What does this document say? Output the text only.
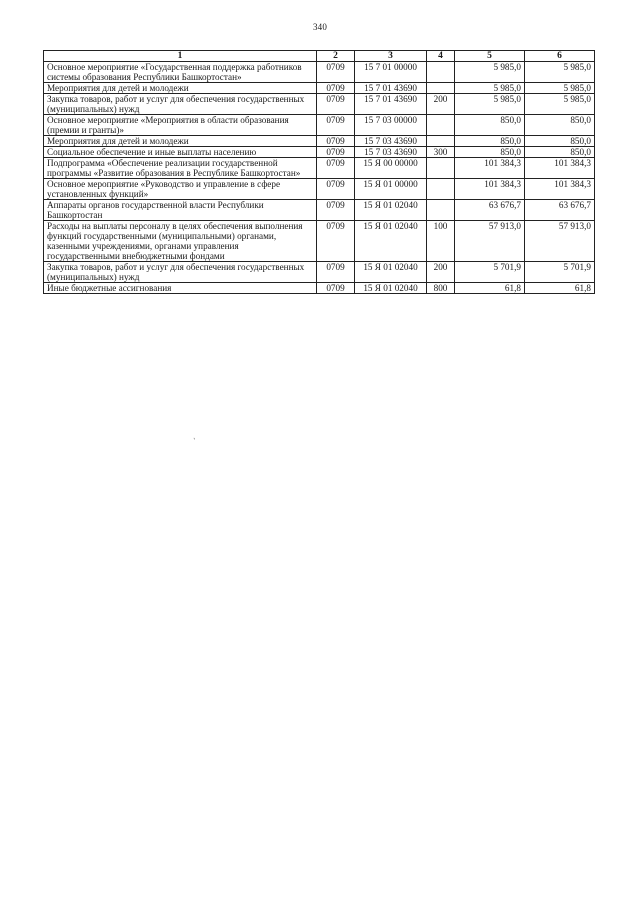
340
1	2	3	4	5	6
Основное мероприятие «Государственная поддержка работников системы образования Республики Башкортостан»	0709	15 7 01 00000		5 985,0	5 985,0
Мероприятия для детей и молодежи	0709	15 7 01 43690		5 985,0	5 985,0
Закупка товаров, работ и услуг для обеспечения государственных (муниципальных) нужд	0709	15 7 01 43690	200	5 985,0	5 985,0
Основное мероприятие «Мероприятия в области образования (премии и гранты)»	0709	15 7 03 00000		850,0	850,0
Мероприятия для детей и молодежи	0709	15 7 03 43690		850,0	850,0
Социальное обеспечение и иные выплаты населению	0709	15 7 03 43690	300	850,0	850,0
Подпрограмма «Обеспечение реализации государственной программы «Развитие образования в Республике Башкортостан»	0709	15 Я 00 00000		101 384,3	101 384,3
Основное мероприятие «Руководство и управление в сфере установленных функций»	0709	15 Я 01 00000		101 384,3	101 384,3
Аппараты органов государственной власти Республики Башкортостан	0709	15 Я 01 02040		63 676,7	63 676,7
Расходы на выплаты персоналу в целях обеспечения выполнения функций государственными (муниципальными) органами, казенными учреждениями, органами управления государственными внебюджетными фондами	0709	15 Я 01 02040	100	57 913,0	57 913,0
Закупка товаров, работ и услуг для обеспечения государственных (муниципальных) нужд	0709	15 Я 01 02040	200	5 701,9	5 701,9
Иные бюджетные ассигнования	0709	15 Я 01 02040	800	61,8	61,8
⸒
